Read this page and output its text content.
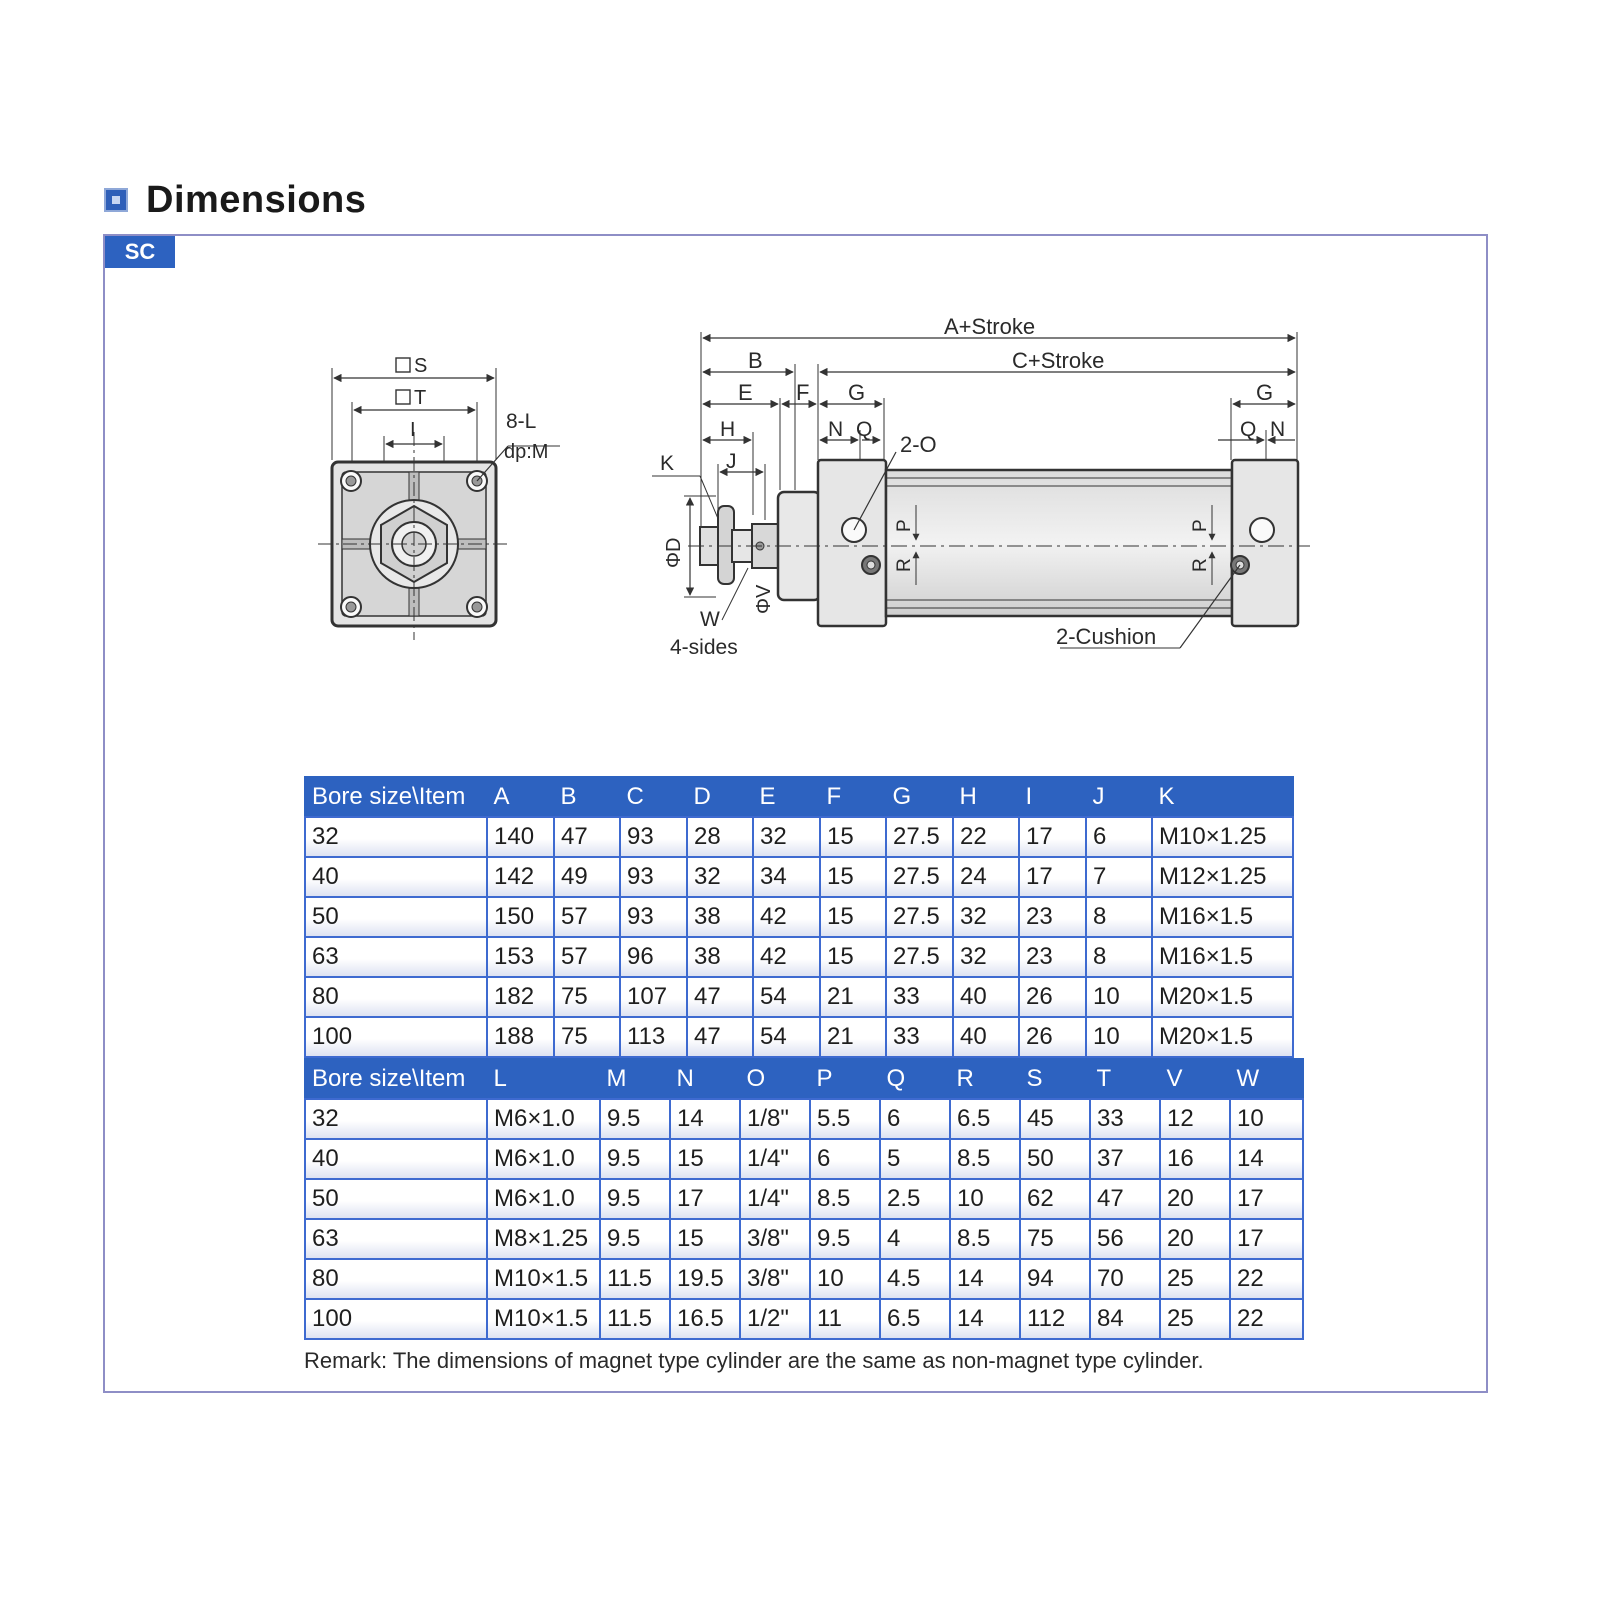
Dimensions
SC
S
T
I	8-L
dp:M
A+Stroke
B	C+Stroke
E F G	G
N Q	Q N
2-O
H
J
K
ΦD
ΦV
P
R
P
R
W
4-sides	2-Cushion
Bore size\Item	A	B	C	D	E	F	G	H	I	J	K
32	140	47	93	28	32	15	27.5	22	17	6	M10×1.25
40	142	49	93	32	34	15	27.5	24	17	7	M12×1.25
50	150	57	93	38	42	15	27.5	32	23	8	M16×1.5
63	153	57	96	38	42	15	27.5	32	23	8	M16×1.5
80	182	75	107	47	54	21	33	40	26	10	M20×1.5
100	188	75	113	47	54	21	33	40	26	10	M20×1.5
Bore size\Item	L	M	N	O	P	Q	R	S	T	V	W
32	M6×1.0	9.5	14	1/8"	5.5	6	6.5	45	33	12	10
40	M6×1.0	9.5	15	1/4"	6	5	8.5	50	37	16	14
50	M6×1.0	9.5	17	1/4"	8.5	2.5	10	62	47	20	17
63	M8×1.25	9.5	15	3/8"	9.5	4	8.5	75	56	20	17
80	M10×1.5	11.5	19.5	3/8"	10	4.5	14	94	70	25	22
100	M10×1.5	11.5	16.5	1/2"	11	6.5	14	112	84	25	22
Remark: The dimensions of magnet type cylinder are the same as non-magnet type cylinder.
